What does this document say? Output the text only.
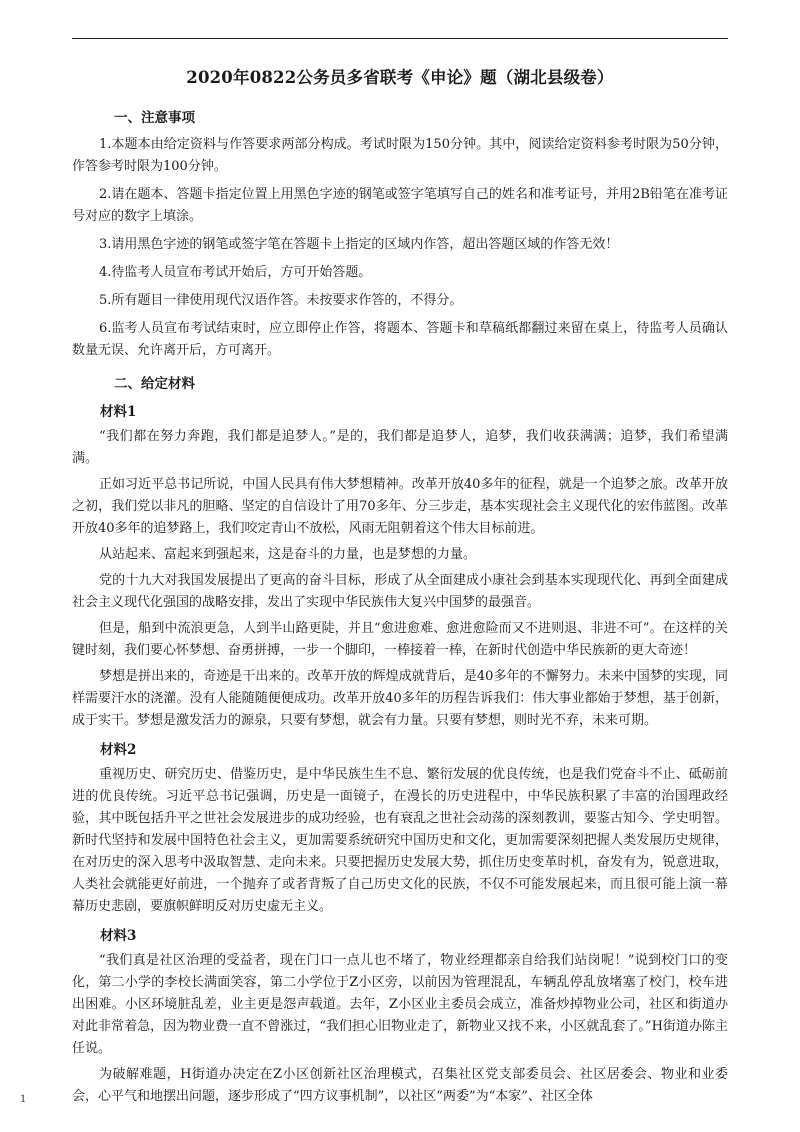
2020年0822公务员多省联考《申论》题（湖北县级卷）
一、注意事项

1.本题本由给定资料与作答要求两部分构成。考试时限为150分钟。其中，阅读给定资料参考时限为50分钟，作答参考时限为100分钟。

2.请在题本、答题卡指定位置上用黑色字迹的钢笔或签字笔填写自己的姓名和准考证号，并用2B铅笔在准考证号对应的数字上填涂。

3.请用黑色字迹的钢笔或签字笔在答题卡上指定的区域内作答，超出答题区域的作答无效！

4.待监考人员宣布考试开始后，方可开始答题。

5.所有题目一律使用现代汉语作答。未按要求作答的，不得分。

6.监考人员宣布考试结束时，应立即停止作答，将题本、答题卡和草稿纸都翻过来留在桌上，待监考人员确认数量无误、允许离开后，方可离开。

二、给定材料
材料1

“我们都在努力奔跑，我们都是追梦人。”是的，我们都是追梦人，追梦，我们收获满满；追梦，我们希望满满。

正如习近平总书记所说，中国人民具有伟大梦想精神。改革开放40多年的征程，就是一个追梦之旅。改革开放之初，我们党以非凡的胆略、坚定的自信设计了用70多年、分三步走，基本实现社会主义现代化的宏伟蓝图。改革开放40多年的追梦路上，我们咬定青山不放松，风雨无阻朝着这个伟大目标前进。

从站起来、富起来到强起来，这是奋斗的力量，也是梦想的力量。

党的十九大对我国发展提出了更高的奋斗目标，形成了从全面建成小康社会到基本实现现代化、再到全面建成社会主义现代化强国的战略安排，发出了实现中华民族伟大复兴中国梦的最强音。

但是，船到中流浪更急，人到半山路更陡，并且“愈进愈难、愈进愈险而又不进则退、非进不可”。在这样的关键时刻，我们要心怀梦想、奋勇拼搏，一步一个脚印，一棒接着一棒，在新时代创造中华民族新的更大奇迹！

梦想是拼出来的，奇迹是干出来的。改革开放的辉煌成就背后，是40多年的不懈努力。未来中国梦的实现，同样需要汗水的浇灌。没有人能随随便便成功。改革开放40多年的历程告诉我们：伟大事业都始于梦想，基于创新，成于实干。梦想是激发活力的源泉，只要有梦想，就会有力量。只要有梦想，则时光不弃，未来可期。

材料2

重视历史、研究历史、借鉴历史，是中华民族生生不息、繁衍发展的优良传统，也是我们党奋斗不止、砥砺前进的优良传统。习近平总书记强调，历史是一面镜子，在漫长的历史进程中，中华民族积累了丰富的治国理政经验，其中既包括升平之世社会发展进步的成功经验，也有衰乱之世社会动荡的深刻教训，要鉴古知今、学史明智。新时代坚持和发展中国特色社会主义，更加需要系统研究中国历史和文化，更加需要深刻把握人类发展历史规律，在对历史的深入思考中汲取智慧、走向未来。只要把握历史发展大势，抓住历史变革时机，奋发有为，锐意进取，人类社会就能更好前进，一个抛弃了或者背叛了自己历史文化的民族，不仅不可能发展起来，而且很可能上演一幕幕历史悲剧，要旗帜鲜明反对历史虚无主义。

材料3

“我们真是社区治理的受益者，现在门口一点儿也不堵了，物业经理都亲自给我们站岗呢！”说到校门口的变化，第二小学的李校长满面笑容，第二小学位于Z小区旁，以前因为管理混乱，车辆乱停乱放堵塞了校门，校车进出困难。小区环境脏乱差，业主更是怨声载道。去年，Z小区业主委员会成立，准备炒掉物业公司，社区和街道办对此非常着急，因为物业费一直不曾涨过，“我们担心旧物业走了，新物业又找不来，小区就乱套了。”H街道办陈主任说。

为破解难题，H街道办决定在Z小区创新社区治理模式，召集社区党支部委员会、社区居委会、物业和业委会，心平气和地摆出问题，逐步形成了“四方议事机制”，以社区“两委”为“本家”、社区全体

1
